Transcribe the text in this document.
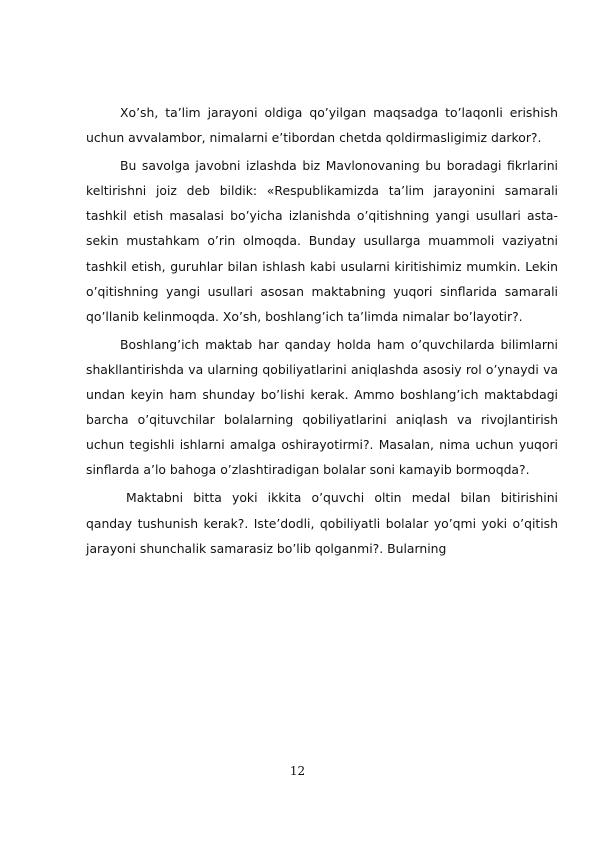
Xo’sh, ta’lim jarayoni oldiga qo’yilgan maqsadga to’laqonli erishish uchun avvalambor, nimalarni e’tibordan chetda qoldirmasligimiz darkor?.

Bu savolga javobni izlashda biz Mavlonovaning bu boradagi fikrlarini keltirishni joiz deb bildik: «Respublikamizda ta’lim jarayonini samarali tashkil etish masalasi bo’yicha izlanishda o’qitishning yangi usullari asta-sekin mustahkam o’rin olmoqda. Bunday usullarga muammoli vaziyatni tashkil etish, guruhlar bilan ishlash kabi usularni kiritishimiz mumkin. Lekin o’qitishning yangi usullari asosan maktabning yuqori sinflarida samarali qo’llanib kelinmoqda. Xo’sh, boshlang’ich ta’limda nimalar bo’layotir?.

Boshlang’ich maktab har qanday holda ham o’quvchilarda bilimlarni shakllantirishda va ularning qobiliyatlarini aniqlashda asosiy rol o’ynaydi va undan keyin ham shunday bo’lishi kerak. Ammo boshlang’ich maktabdagi barcha o’qituvchilar bolalarning qobiliyatlarini aniqlash va rivojlantirish uchun tegishli ishlarni amalga oshirayotirmi?. Masalan, nima uchun yuqori sinflarda a’lo bahoga o’zlashtiradigan bolalar soni kamayib bormoqda?.

Maktabni bitta yoki ikkita o’quvchi oltin medal bilan bitirishini qanday tushunish kerak?. Iste’dodli, qobiliyatli bolalar yo’qmi yoki o’qitish jarayoni shunchalik samarasiz bo’lib qolganmi?. Bularning

12
